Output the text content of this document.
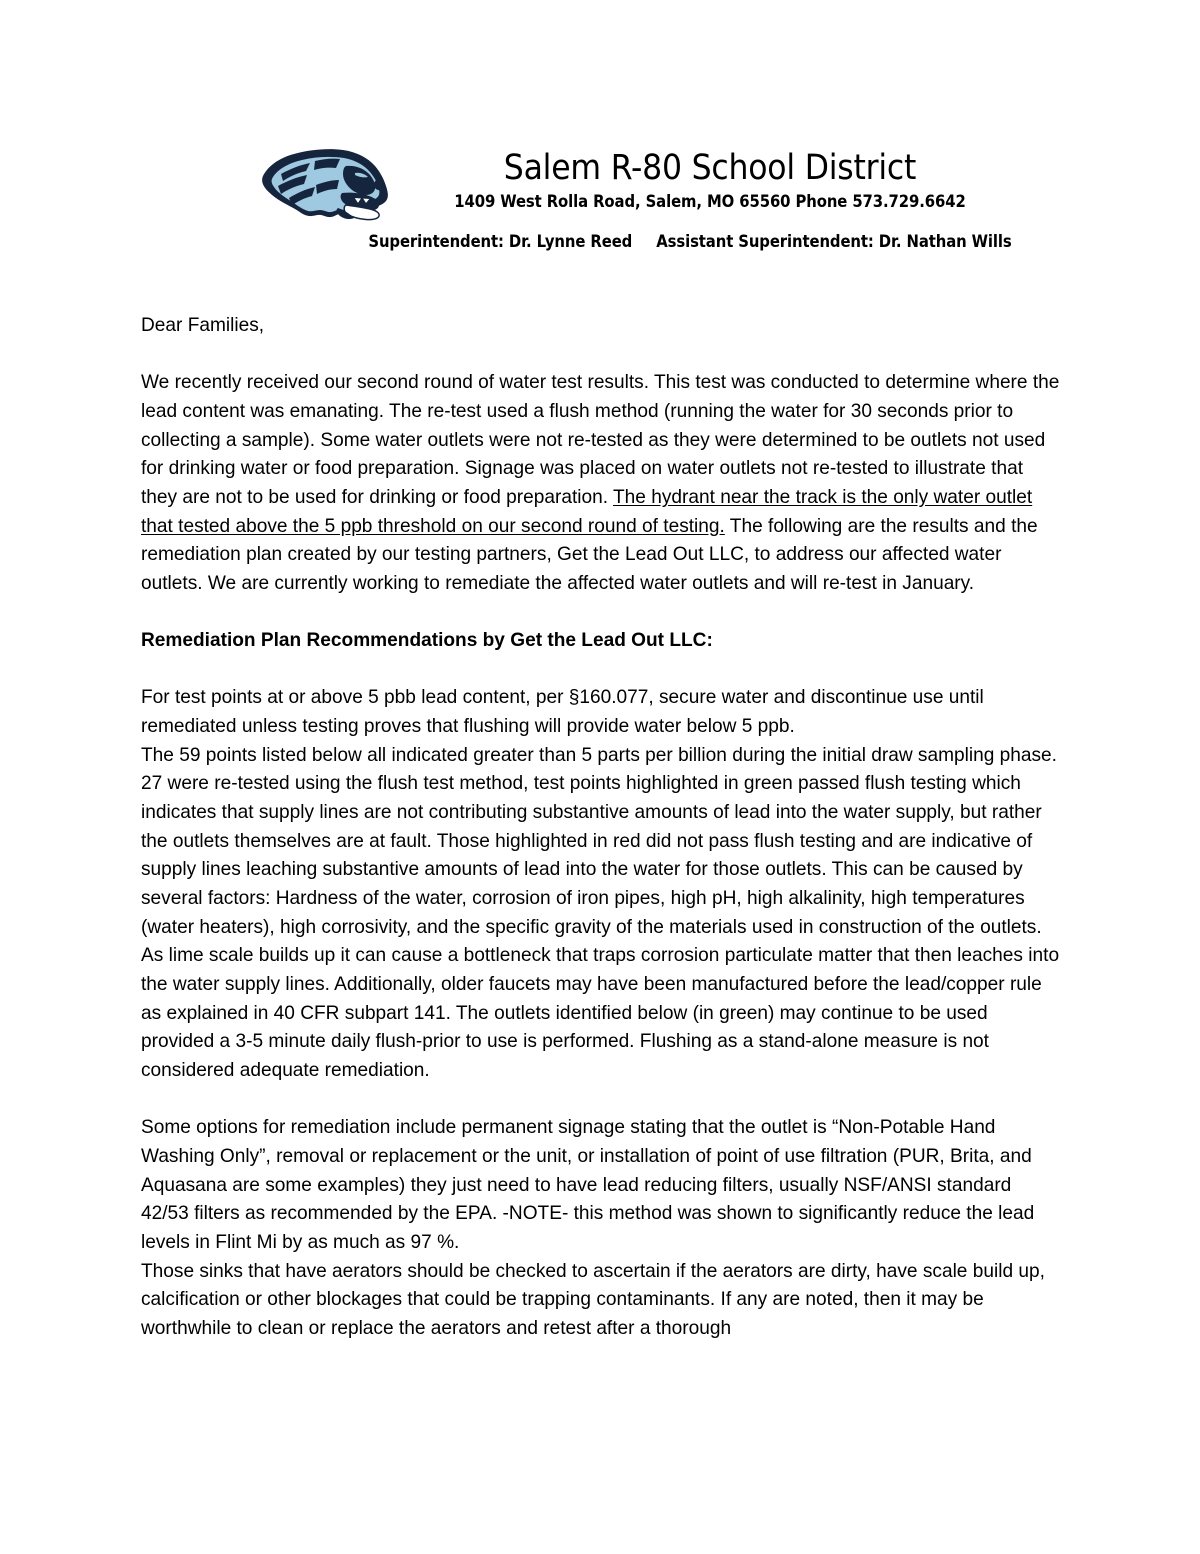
Salem R-80 School District
1409 West Rolla Road, Salem, MO 65560 Phone 573.729.6642
Superintendent: Dr. Lynne Reed Assistant Superintendent: Dr. Nathan Wills

Dear Families,

We recently received our second round of water test results. This test was conducted to determine where the lead content was emanating. The re-test used a flush method (running the water for 30 seconds prior to collecting a sample). Some water outlets were not re-tested as they were determined to be outlets not used for drinking water or food preparation. Signage was placed on water outlets not re-tested to illustrate that they are not to be used for drinking or food preparation. The hydrant near the track is the only water outlet that tested above the 5 ppb threshold on our second round of testing. The following are the results and the remediation plan created by our testing partners, Get the Lead Out LLC, to address our affected water outlets. We are currently working to remediate the affected water outlets and will re-test in January.

Remediation Plan Recommendations by Get the Lead Out LLC:

For test points at or above 5 pbb lead content, per §160.077, secure water and discontinue use until remediated unless testing proves that flushing will provide water below 5 ppb.

The 59 points listed below all indicated greater than 5 parts per billion during the initial draw sampling phase. 27 were re-tested using the flush test method, test points highlighted in green passed flush testing which indicates that supply lines are not contributing substantive amounts of lead into the water supply, but rather the outlets themselves are at fault. Those highlighted in red did not pass flush testing and are indicative of supply lines leaching substantive amounts of lead into the water for those outlets. This can be caused by several factors: Hardness of the water, corrosion of iron pipes, high pH, high alkalinity, high temperatures (water heaters), high corrosivity, and the specific gravity of the materials used in construction of the outlets. As lime scale builds up it can cause a bottleneck that traps corrosion particulate matter that then leaches into the water supply lines. Additionally, older faucets may have been manufactured before the lead/copper rule as explained in 40 CFR subpart 141. The outlets identified below (in green) may continue to be used provided a 3-5 minute daily flush-prior to use is performed. Flushing as a stand-alone measure is not considered adequate remediation.

Some options for remediation include permanent signage stating that the outlet is “Non-Potable Hand Washing Only”, removal or replacement or the unit, or installation of point of use filtration (PUR, Brita, and Aquasana are some examples) they just need to have lead reducing filters, usually NSF/ANSI standard 42/53 filters as recommended by the EPA. -NOTE- this method was shown to significantly reduce the lead levels in Flint Mi by as much as 97 %.

Those sinks that have aerators should be checked to ascertain if the aerators are dirty, have scale build up, calcification or other blockages that could be trapping contaminants. If any are noted, then it may be worthwhile to clean or replace the aerators and retest after a thorough
